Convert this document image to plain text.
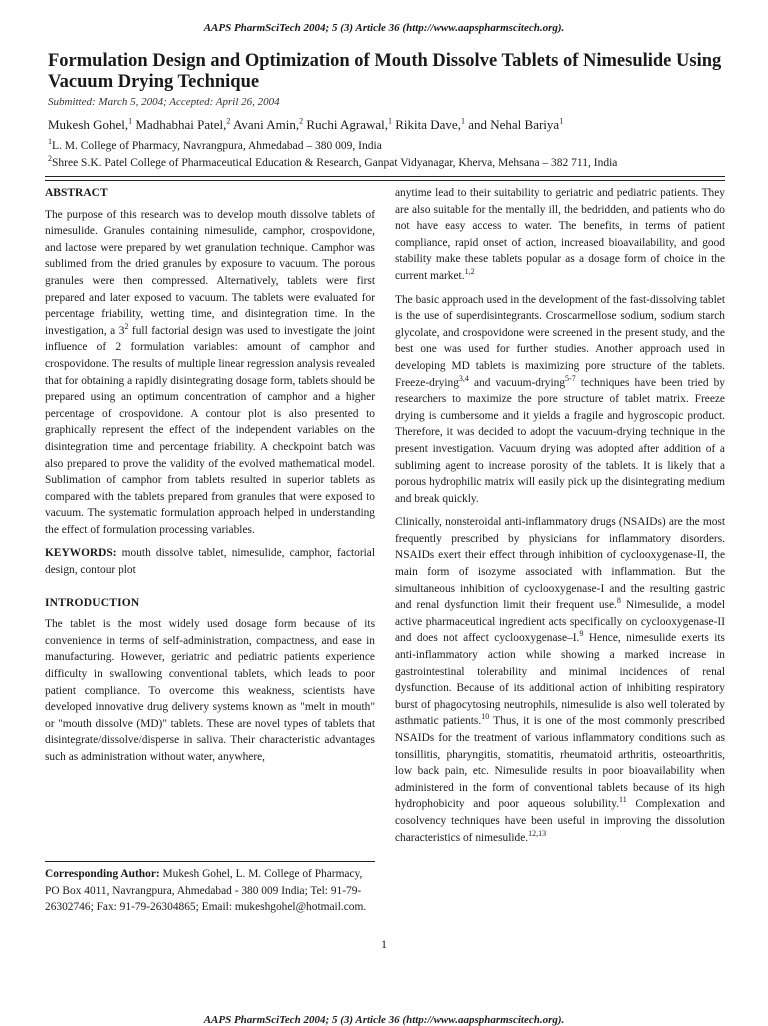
AAPS PharmSciTech 2004; 5 (3) Article 36 (http://www.aapspharmscitech.org).
Formulation Design and Optimization of Mouth Dissolve Tablets of Nimesulide Using Vacuum Drying Technique
Submitted: March 5, 2004; Accepted: April 26, 2004
Mukesh Gohel,$^1$ Madhabhai Patel,$^2$ Avani Amin,$^2$ Ruchi Agrawal,$^1$ Rikita Dave,$^1$ and Nehal Bariya$^1$
$^1$L. M. College of Pharmacy, Navrangpura, Ahmedabad – 380 009, India
$^2$Shree S.K. Patel College of Pharmaceutical Education & Research, Ganpat Vidyanagar, Kherva, Mehsana – 382 711, India
ABSTRACT

The purpose of this research was to develop mouth dissolve tablets of nimesulide. Granules containing nimesulide, camphor, crospovidone, and lactose were prepared by wet granulation technique. Camphor was sublimed from the dried granules by exposure to vacuum. The porous granules were then compressed. Alternatively, tablets were first prepared and later exposed to vacuum. The tablets were evaluated for percentage friability, wetting time, and disintegration time. In the investigation, a $3^2$ full factorial design was used to investigate the joint influence of 2 formulation variables: amount of camphor and crospovidone. The results of multiple linear regression analysis revealed that for obtaining a rapidly disintegrating dosage form, tablets should be prepared using an optimum concentration of camphor and a higher percentage of crospovidone. A contour plot is also presented to graphically represent the effect of the independent variables on the disintegration time and percentage friability. A checkpoint batch was also prepared to prove the validity of the evolved mathematical model. Sublimation of camphor from tablets resulted in superior tablets as compared with the tablets prepared from granules that were exposed to vacuum. The systematic formulation approach helped in understanding the effect of formulation processing variables.

KEYWORDS: mouth dissolve tablet, nimesulide, camphor, factorial design, contour plot

INTRODUCTION

The tablet is the most widely used dosage form because of its convenience in terms of self-administration, compactness, and ease in manufacturing. However, geriatric and pediatric patients experience difficulty in swallowing conventional tablets, which leads to poor patient compliance. To overcome this weakness, scientists have developed innovative drug delivery systems known as "melt in mouth" or "mouth dissolve (MD)" tablets. These are novel types of tablets that disintegrate/dissolve/disperse in saliva. Their characteristic advantages such as administration without water, anywhere,

Corresponding Author: Mukesh Gohel, L. M. College of Pharmacy, PO Box 4011, Navrangpura, Ahmedabad - 380 009 India; Tel: 91-79-26302746; Fax: 91-79-26304865; Email: mukeshgohel@hotmail.com.

anytime lead to their suitability to geriatric and pediatric patients. They are also suitable for the mentally ill, the bedridden, and patients who do not have easy access to water. The benefits, in terms of patient compliance, rapid onset of action, increased bioavailability, and good stability make these tablets popular as a dosage form of choice in the current market.$^{1,2}$

The basic approach used in the development of the fast-dissolving tablet is the use of superdisintegrants. Croscarmellose sodium, sodium starch glycolate, and crospovidone were screened in the present study, and the best one was used for further studies. Another approach used in developing MD tablets is maximizing pore structure of the tablets. Freeze-drying$^{3,4}$ and vacuum-drying$^{5-7}$ techniques have been tried by researchers to maximize the pore structure of tablet matrix. Freeze drying is cumbersome and it yields a fragile and hygroscopic product. Therefore, it was decided to adopt the vacuum-drying technique in the present investigation. Vacuum drying was adopted after addition of a subliming agent to increase porosity of the tablets. It is likely that a porous hydrophilic matrix will easily pick up the disintegrating medium and break quickly.

Clinically, nonsteroidal anti-inflammatory drugs (NSAIDs) are the most frequently prescribed by physicians for inflammatory disorders. NSAIDs exert their effect through inhibition of cyclooxygenase-II, the main form of isozyme associated with inflammation. But the simultaneous inhibition of cyclooxygenase-I and the resulting gastric and renal dysfunction limit their frequent use.$^8$ Nimesulide, a model active pharmaceutical ingredient acts specifically on cyclooxygenase-II and does not affect cyclooxygenase–I.$^9$ Hence, nimesulide exerts its anti-inflammatory action while showing a marked increase in gastrointestinal tolerability and minimal incidences of renal dysfunction. Because of its additional action of inhibiting respiratory burst of phagocytosing neutrophils, nimesulide is also well tolerated by asthmatic patients.$^{10}$ Thus, it is one of the most commonly prescribed NSAIDs for the treatment of various inflammatory conditions such as tonsillitis, pharyngitis, stomatitis, rheumatoid arthritis, osteoarthritis, low back pain, etc. Nimesulide results in poor bioavailability when administered in the form of conventional tablets because of its high hydrophobicity and poor aqueous solubility.$^{11}$ Complexation and cosolvency techniques have been useful in improving the dissolution characteristics of nimesulide.$^{12,13}$

1
AAPS PharmSciTech 2004; 5 (3) Article 36 (http://www.aapspharmscitech.org).
